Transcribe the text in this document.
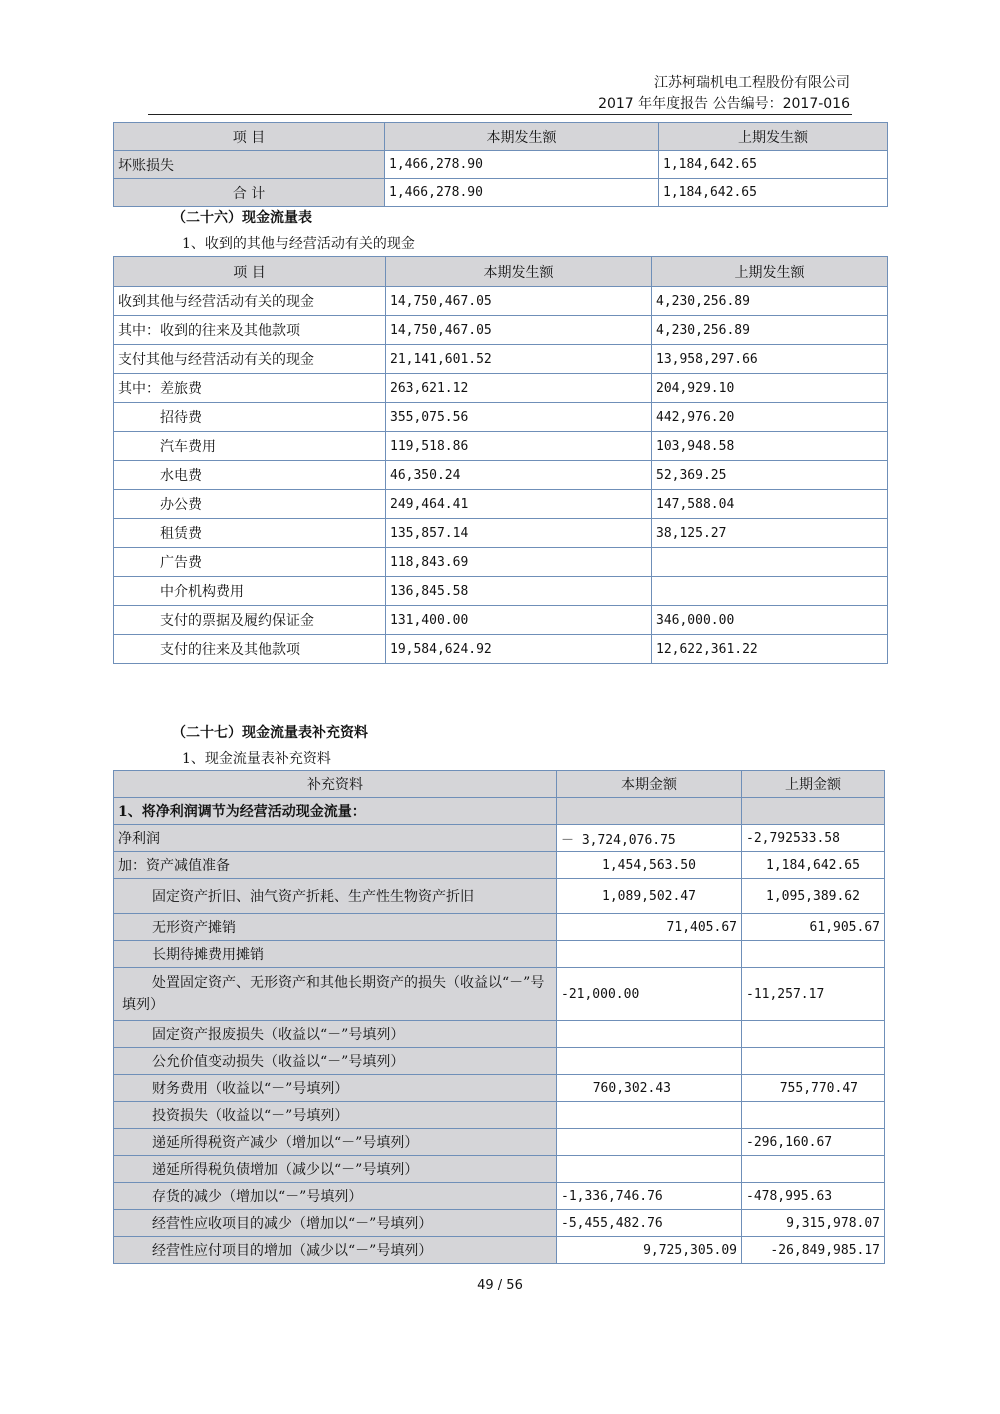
江苏柯瑞机电工程股份有限公司
2017 年年度报告 公告编号：2017-016
项 目	本期发生额	上期发生额
坏账损失	1,466,278.90	1,184,642.65
合 计	1,466,278.90	1,184,642.65
（二十六）现金流量表
1、收到的其他与经营活动有关的现金
项 目	本期发生额	上期发生额
收到其他与经营活动有关的现金	14,750,467.05	4,230,256.89
其中：收到的往来及其他款项	14,750,467.05	4,230,256.89
支付其他与经营活动有关的现金	21,141,601.52	13,958,297.66
其中：差旅费	263,621.12	204,929.10
招待费	355,075.56	442,976.20
汽车费用	119,518.86	103,948.58
水电费	46,350.24	52,369.25
办公费	249,464.41	147,588.04
租赁费	135,857.14	38,125.27
广告费	118,843.69	
中介机构费用	136,845.58	
支付的票据及履约保证金	131,400.00	346,000.00
支付的往来及其他款项	19,584,624.92	12,622,361.22
（二十七）现金流量表补充资料
1、现金流量表补充资料
补充资料	本期金额	上期金额
1、将净利润调节为经营活动现金流量：		
净利润	－ 3,724,076.75	-2,792533.58
加：资产减值准备	1,454,563.50	1,184,642.65
固定资产折旧、油气资产折耗、生产性生物资产折旧	1,089,502.47	1,095,389.62
无形资产摊销	71,405.67	61,905.67
长期待摊费用摊销		
处置固定资产、无形资产和其他长期资产的损失（收益以“－”号填列）	-21,000.00	-11,257.17
固定资产报废损失（收益以“－”号填列）		
公允价值变动损失（收益以“－”号填列）		
财务费用（收益以“－”号填列）	760,302.43	755,770.47
投资损失（收益以“－”号填列）		
递延所得税资产减少（增加以“－”号填列）		-296,160.67
递延所得税负债增加（减少以“－”号填列）		
存货的减少（增加以“－”号填列）	-1,336,746.76	-478,995.63
经营性应收项目的减少（增加以“－”号填列）	-5,455,482.76	9,315,978.07
经营性应付项目的增加（减少以“－”号填列）	9,725,305.09	-26,849,985.17
49 / 56
